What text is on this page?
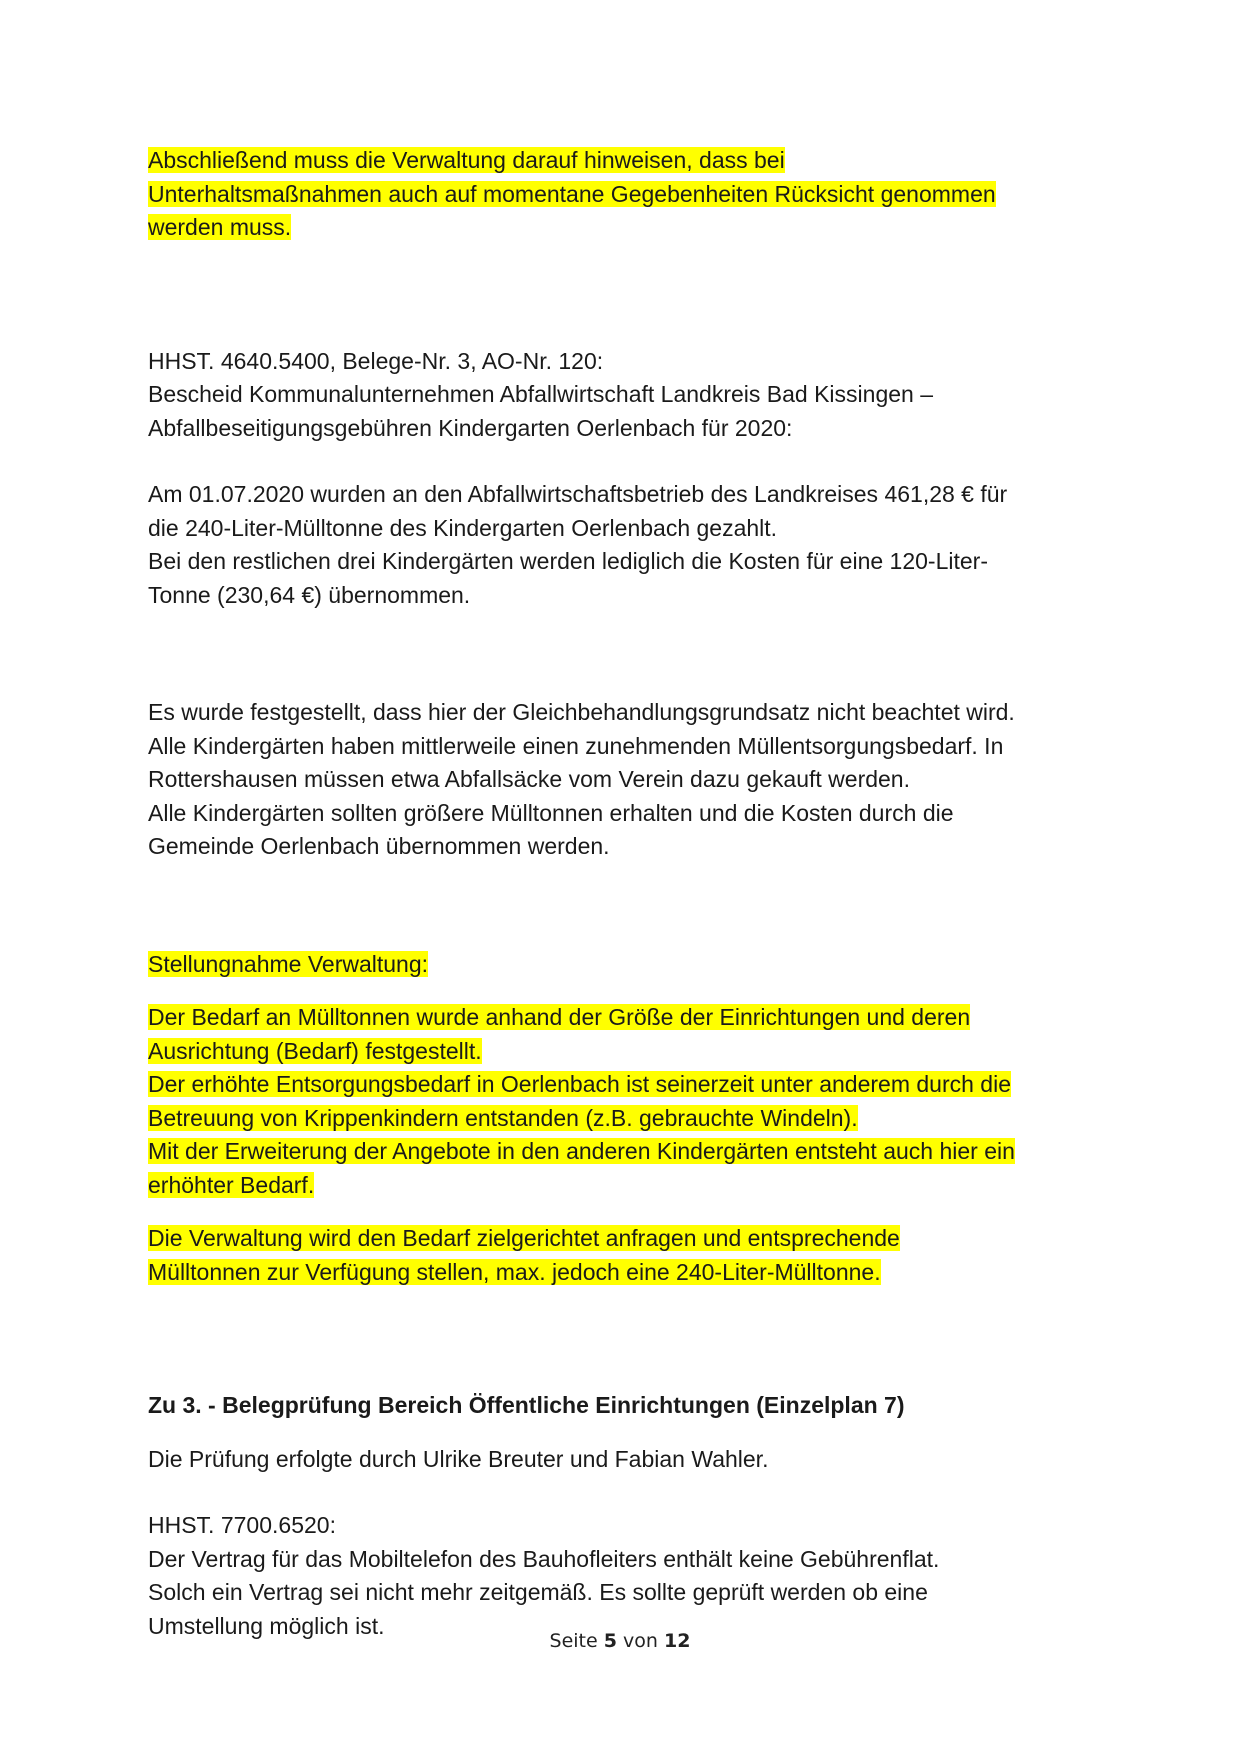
Abschließend muss die Verwaltung darauf hinweisen, dass bei
Unterhaltsmaßnahmen auch auf momentane Gegebenheiten Rücksicht genommen
werden muss.

HHST. 4640.5400, Belege-Nr. 3, AO-Nr. 120:
Bescheid Kommunalunternehmen Abfallwirtschaft Landkreis Bad Kissingen –
Abfallbeseitigungsgebühren Kindergarten Oerlenbach für 2020:

Am 01.07.2020 wurden an den Abfallwirtschaftsbetrieb des Landkreises 461,28 € für
die 240-Liter-Mülltonne des Kindergarten Oerlenbach gezahlt.
Bei den restlichen drei Kindergärten werden lediglich die Kosten für eine 120-Liter-
Tonne (230,64 €) übernommen.

Es wurde festgestellt, dass hier der Gleichbehandlungsgrundsatz nicht beachtet wird.
Alle Kindergärten haben mittlerweile einen zunehmenden Müllentsorgungsbedarf. In
Rottershausen müssen etwa Abfallsäcke vom Verein dazu gekauft werden.
Alle Kindergärten sollten größere Mülltonnen erhalten und die Kosten durch die
Gemeinde Oerlenbach übernommen werden.

Stellungnahme Verwaltung:

Der Bedarf an Mülltonnen wurde anhand der Größe der Einrichtungen und deren
Ausrichtung (Bedarf) festgestellt.
Der erhöhte Entsorgungsbedarf in Oerlenbach ist seinerzeit unter anderem durch die
Betreuung von Krippenkindern entstanden (z.B. gebrauchte Windeln).
Mit der Erweiterung der Angebote in den anderen Kindergärten entsteht auch hier ein
erhöhter Bedarf.

Die Verwaltung wird den Bedarf zielgerichtet anfragen und entsprechende
Mülltonnen zur Verfügung stellen, max. jedoch eine 240-Liter-Mülltonne.

Zu 3. - Belegprüfung Bereich Öffentliche Einrichtungen (Einzelplan 7)

Die Prüfung erfolgte durch Ulrike Breuter und Fabian Wahler.

HHST. 7700.6520:
Der Vertrag für das Mobiltelefon des Bauhofleiters enthält keine Gebührenflat.
Solch ein Vertrag sei nicht mehr zeitgemäß. Es sollte geprüft werden ob eine
Umstellung möglich ist.

Seite 5 von 12
